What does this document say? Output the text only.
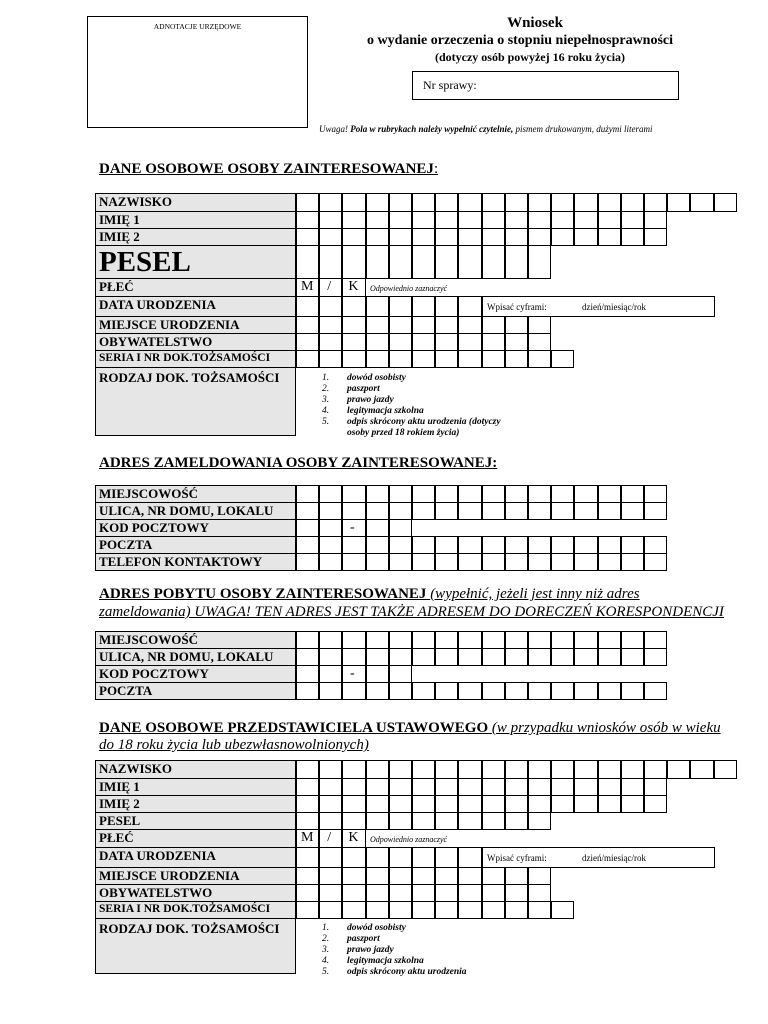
ADNOTACJE URZĘDOWE	Wniosek
o wydanie orzeczenia o stopniu niepełnosprawności
(dotyczy osób powyżej 16 roku życia)
Nr sprawy:
Uwaga! Pola w rubrykach należy wypełnić czytelnie, pismem drukowanym, dużymi literami
DANE OSOBOWE OSOBY ZAINTERESOWANEJ:
NAZWISKO
IMIĘ 1
IMIĘ 2
PESEL
PŁEĆ	M / K Odpowiednio zaznaczyć
DATA URODZENIA	Wpisać cyframi:	dzień/miesiąc/rok
MIEJSCE URODZENIA
OBYWATELSTWO
SERIA I NR DOK.TOŻSAMOŚCI
RODZAJ DOK. TOŻSAMOŚCI	1. dowód osobisty
2. paszport
3. prawo jazdy
4. legitymacja szkolna
5. odpis skrócony aktu urodzenia (dotyczy osoby przed 18 rokiem życia)
ADRES ZAMELDOWANIA OSOBY ZAINTERESOWANEJ:
MIEJSCOWOŚĆ
ULICA, NR DOMU, LOKALU
KOD POCZTOWY	-
POCZTA
TELEFON KONTAKTOWY
ADRES POBYTU OSOBY ZAINTERESOWANEJ (wypełnić, jeżeli jest inny niż adres
zameldowania) UWAGA! TEN ADRES JEST TAKŻE ADRESEM DO DORECZEŃ KORESPONDENCJI
MIEJSCOWOŚĆ
ULICA, NR DOMU, LOKALU
KOD POCZTOWY	-
POCZTA
DANE OSOBOWE PRZEDSTAWICIELA USTAWOWEGO (w przypadku wniosków osób w wieku
do 18 roku życia lub ubezwłasnowolnionych)
NAZWISKO
IMIĘ 1
IMIĘ 2
PESEL
PŁEĆ	M / K Odpowiednio zaznaczyć
DATA URODZENIA	Wpisać cyframi:	dzień/miesiąc/rok
MIEJSCE URODZENIA
OBYWATELSTWO
SERIA I NR DOK.TOŻSAMOŚCI
RODZAJ DOK. TOŻSAMOŚCI	1. dowód osobisty
2. paszport
3. prawo jazdy
4. legitymacja szkolna
5. odpis skrócony aktu urodzenia
